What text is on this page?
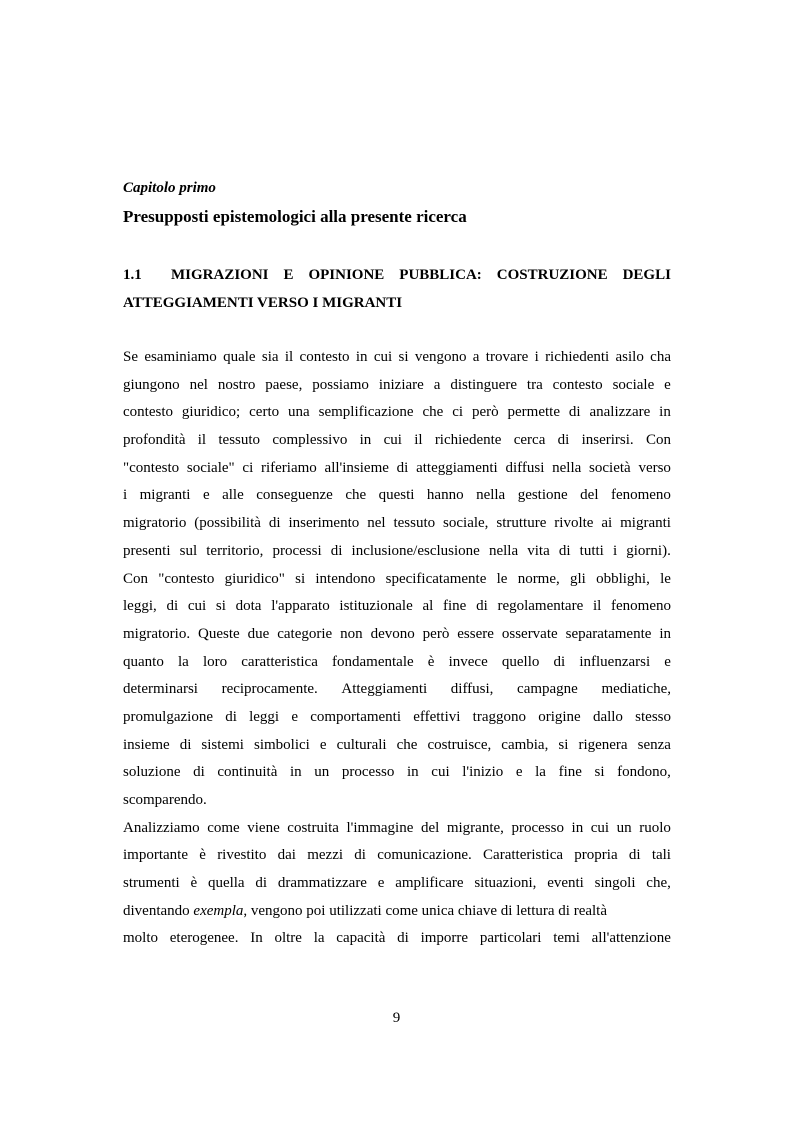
Capitolo primo
Presupposti epistemologici alla presente ricerca
1.1 MIGRAZIONI E OPINIONE PUBBLICA: COSTRUZIONE DEGLI
ATTEGGIAMENTI VERSO I MIGRANTI
Se esaminiamo quale sia il contesto in cui si vengono a trovare i richiedenti asilo cha
giungono nel nostro paese, possiamo iniziare a distinguere tra contesto sociale e
contesto giuridico; certo una semplificazione che ci però permette di analizzare in
profondità il tessuto complessivo in cui il richiedente cerca di inserirsi. Con
"contesto sociale" ci riferiamo all'insieme di atteggiamenti diffusi nella società verso
i migranti e alle conseguenze che questi hanno nella gestione del fenomeno
migratorio (possibilità di inserimento nel tessuto sociale, strutture rivolte ai migranti
presenti sul territorio, processi di inclusione/esclusione nella vita di tutti i giorni).
Con "contesto giuridico" si intendono specificatamente le norme, gli obblighi, le
leggi, di cui si dota l'apparato istituzionale al fine di regolamentare il fenomeno
migratorio. Queste due categorie non devono però essere osservate separatamente in
quanto la loro caratteristica fondamentale è invece quello di influenzarsi e
determinarsi reciprocamente. Atteggiamenti diffusi, campagne mediatiche,
promulgazione di leggi e comportamenti effettivi traggono origine dallo stesso
insieme di sistemi simbolici e culturali che costruisce, cambia, si rigenera senza
soluzione di continuità in un processo in cui l'inizio e la fine si fondono,
scomparendo.
Analizziamo come viene costruita l'immagine del migrante, processo in cui un ruolo
importante è rivestito dai mezzi di comunicazione. Caratteristica propria di tali
strumenti è quella di drammatizzare e amplificare situazioni, eventi singoli che,
diventando exempla, vengono poi utilizzati come unica chiave di lettura di realtà
molto eterogenee. In oltre la capacità di imporre particolari temi all'attenzione
9
